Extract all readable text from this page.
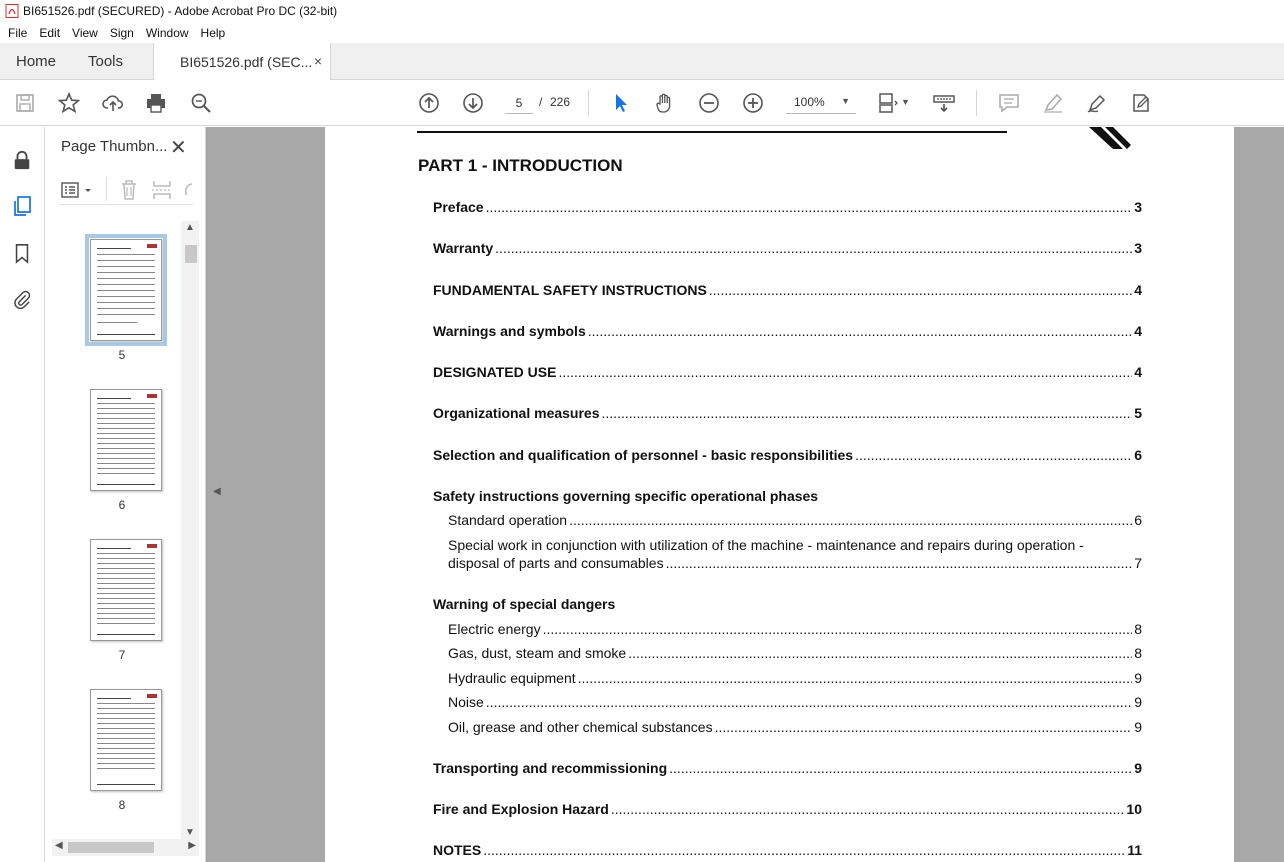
BI651526.pdf (SECURED) - Adobe Acrobat Pro DC (32-bit)
File	Edit	View	Sign	Window	Help
Home Tools	BI651526.pdf (SEC... ×
▼
5
/ 226	100% ▼
Page Thumbn... ✕
5
6
7
8
▲
▼
◀	▶
PART 1 - INTRODUCTION
Preface .....	3
Warranty .....	3
FUNDAMENTAL SAFETY INSTRUCTIONS .....	4
Warnings and symbols .....	4
DESIGNATED USE .....	4
Organizational measures .....	5
Selection and qualification of personnel - basic responsibilities .....	6
Safety instructions governing specific operational phases
Standard operation .....	6
Special work in conjunction with utilization of the machine - maintenance and repairs during operation -
disposal of parts and consumables .....	7
Warning of special dangers
Electric energy .....	8
Gas, dust, steam and smoke .....	8
Hydraulic equipment .....	9
Noise .....	9
Oil, grease and other chemical substances .....	9
Transporting and recommissioning .....	9
Fire and Explosion Hazard .....	10
NOTES .....	11
◀
